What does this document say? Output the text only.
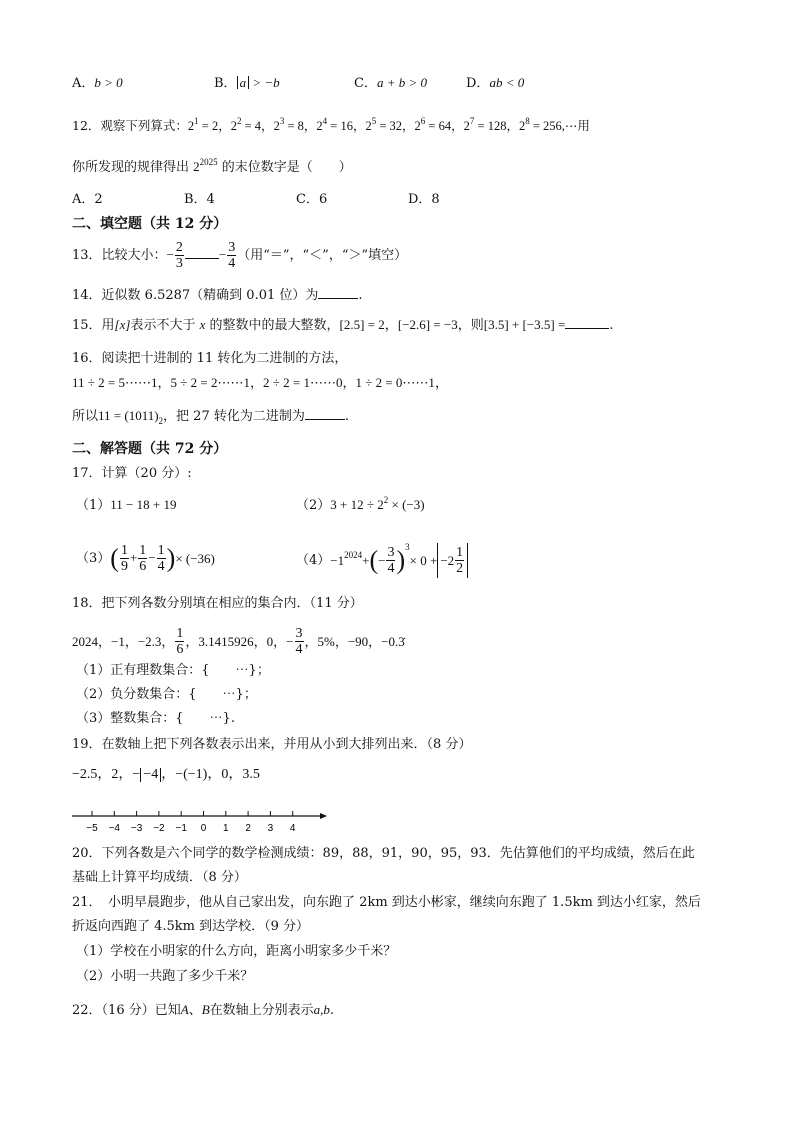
A．b > 0	B． a > −b	C．a + b > 0	D．ab < 0
12．观察下列算式：$2^1 = 2$，$2^2 = 4$，$2^3 = 8$，$2^4 = 16$，$2^5 = 32$，$2^6 = 64$，$2^7 = 128$，$2^8$ = 256,⋯用
你所发现的规律得出 $2^{2025}$ 的末位数字是（　　）
A．2	B．4	C．6	D．8
二、填空题（共 12 分）
13．比较大小：− $\frac{2}{3}$	− $\frac{3}{4}$ （用“＝”，“＜”，“＞”填空）
14．近似数 6.5287（精确到 0.01 位）为	.
15．用[x]表示不大于 x 的整数中的最大整数，[2.5] = 2，[−2.6] = −3，则[3.5] + [−3.5] =	.
16．阅读把十进制的 11 转化为二进制的方法，
11 ÷ 2 = 5⋯⋯1，5 ÷ 2 = 2⋯⋯1，2 ÷ 2 = 1⋯⋯0，1 ÷ 2 = 0⋯⋯1，
所以$11 = (1011)_2$，把 27 转化为二进制为	.
二、解答题（共 72 分）
17．计算（20 分）:
（1）11 − 18 + 19	$(2)3 + 12 \div 2^2 \times (-3)$
$(3)( \frac{1}{9} + \frac{1}{6} - \frac{1}{4}$ )× (−36)	$(4)-1^{2024}+(- \frac{3}{4} )^3\times 0 + -2 \frac{1}{2}$
18．把下列各数分别填在相应的集合内．（11 分）
2024，−1，−2.3， $\frac{1}{6}$ ，3.1415926，0，− $\frac{3}{4}$ ，5%，−90，−0.3̇
（1）正有理数集合：{　　⋯}；
（2）负分数集合：{　　⋯}；
（3）整数集合：{　　⋯}.
19．在数轴上把下列各数表示出来，并用从小到大排列出来．（8 分）
−2.5，2，− −4 ，−(−1)，0，3.5
−5 −4 −3 −2 −1 0 1 2 3 4
20．下列各数是六个同学的数学检测成绩：89，88，91，90，95，93．先估算他们的平均成绩，然后在此
基础上计算平均成绩．（8 分）
21．　小明早晨跑步，他从自己家出发，向东跑了 2km 到达小彬家，继续向东跑了 1.5km 到达小红家，然后
折返向西跑了 4.5km 到达学校．（9 分）
（1）学校在小明家的什么方向，距离小明家多少千米？
（2）小明一共跑了多少千米？
22．（16 分）已知A、B在数轴上分别表示a,b.
